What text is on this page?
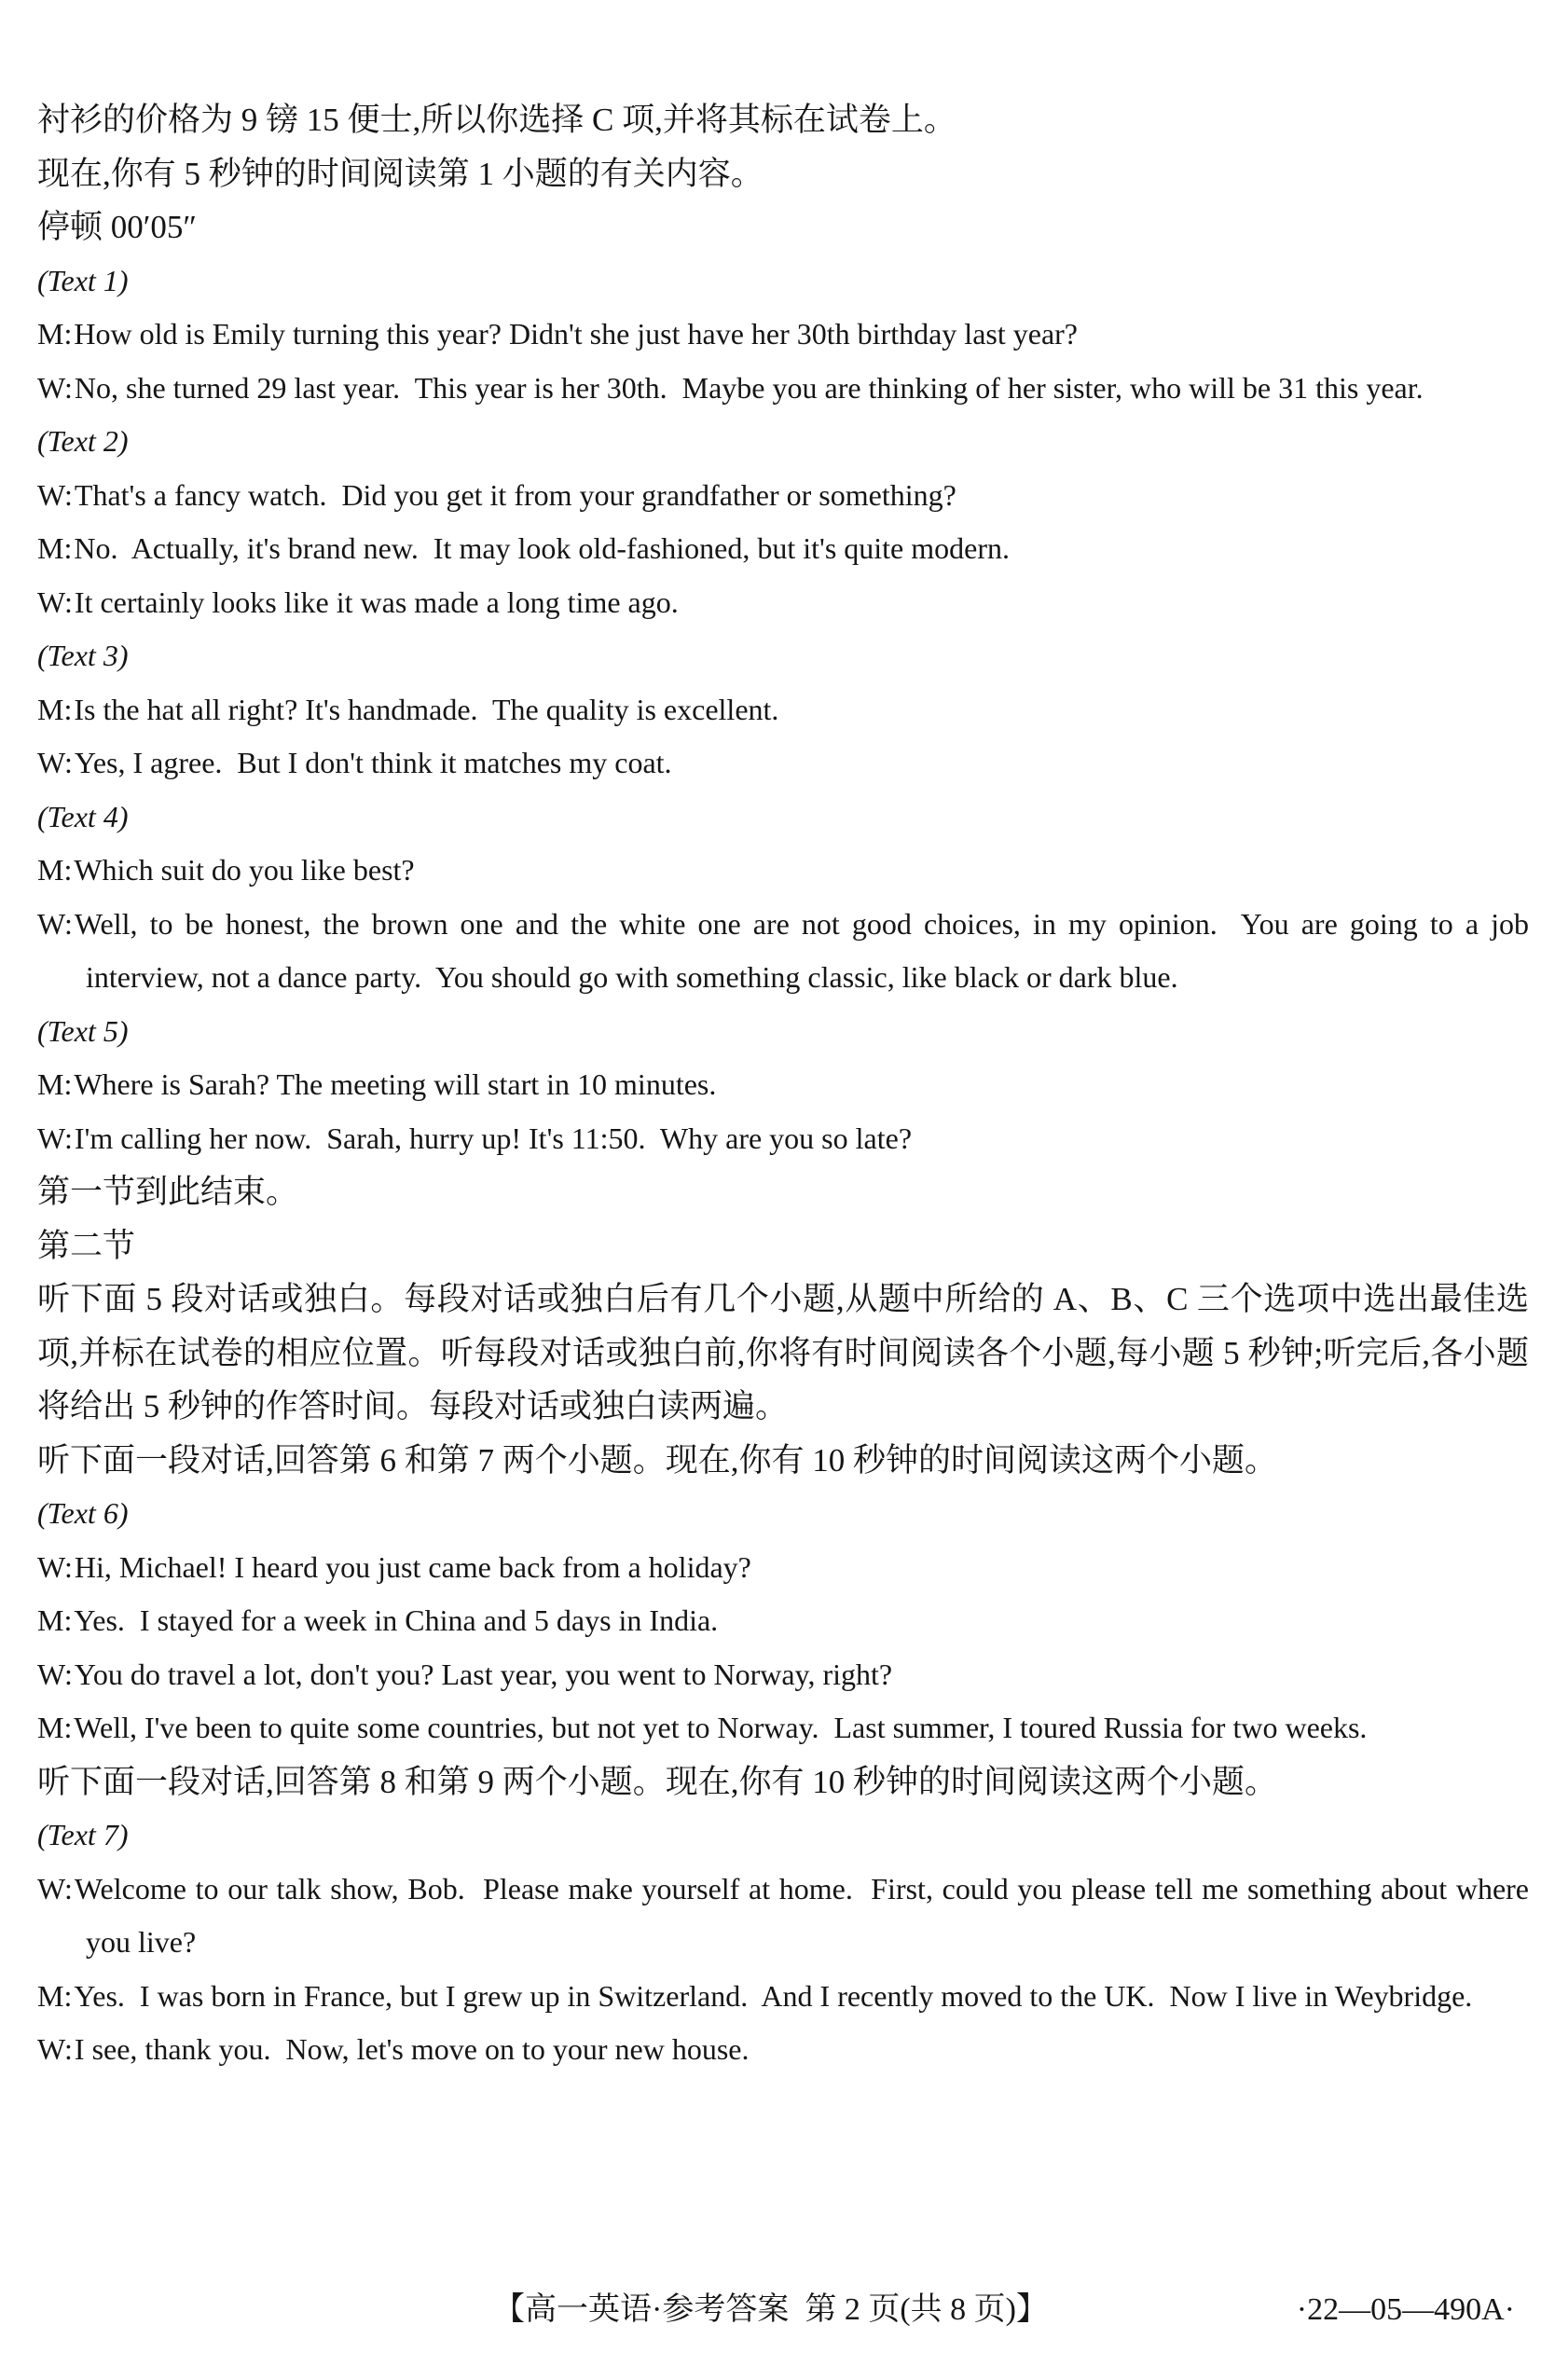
衬衫的价格为 9 镑 15 便士,所以你选择 C 项,并将其标在试卷上。
现在,你有 5 秒钟的时间阅读第 1 小题的有关内容。
停顿 00′05″
(Text 1)
M:How old is Emily turning this year? Didn't she just have her 30th birthday last year?
W:No, she turned 29 last year.  This year is her 30th.  Maybe you are thinking of her sister, who will be 31 this year.
(Text 2)
W:That's a fancy watch.  Did you get it from your grandfather or something?
M:No.  Actually, it's brand new.  It may look old-fashioned, but it's quite modern.
W:It certainly looks like it was made a long time ago.
(Text 3)
M:Is the hat all right? It's handmade.  The quality is excellent.
W:Yes, I agree.  But I don't think it matches my coat.
(Text 4)
M:Which suit do you like best?
W:Well, to be honest, the brown one and the white one are not good choices, in my opinion.  You are going to a job interview, not a dance party.  You should go with something classic, like black or dark blue.
(Text 5)
M:Where is Sarah? The meeting will start in 10 minutes.
W:I'm calling her now.  Sarah, hurry up! It's 11:50.  Why are you so late?
第一节到此结束。
第二节
听下面 5 段对话或独白。每段对话或独白后有几个小题,从题中所给的 A、B、C 三个选项中选出最佳选项,并标在试卷的相应位置。听每段对话或独白前,你将有时间阅读各个小题,每小题 5 秒钟;听完后,各小题将给出 5 秒钟的作答时间。每段对话或独白读两遍。
听下面一段对话,回答第 6 和第 7 两个小题。现在,你有 10 秒钟的时间阅读这两个小题。
(Text 6)
W:Hi, Michael! I heard you just came back from a holiday?
M:Yes.  I stayed for a week in China and 5 days in India.
W:You do travel a lot, don't you? Last year, you went to Norway, right?
M:Well, I've been to quite some countries, but not yet to Norway.  Last summer, I toured Russia for two weeks.
听下面一段对话,回答第 8 和第 9 两个小题。现在,你有 10 秒钟的时间阅读这两个小题。
(Text 7)
W:Welcome to our talk show, Bob.  Please make yourself at home.  First, could you please tell me something about where you live?
M:Yes.  I was born in France, but I grew up in Switzerland.  And I recently moved to the UK.  Now I live in Weybridge.
W:I see, thank you.  Now, let's move on to your new house.
【高一英语·参考答案  第 2 页(共 8 页)】	·22—05—490A·
